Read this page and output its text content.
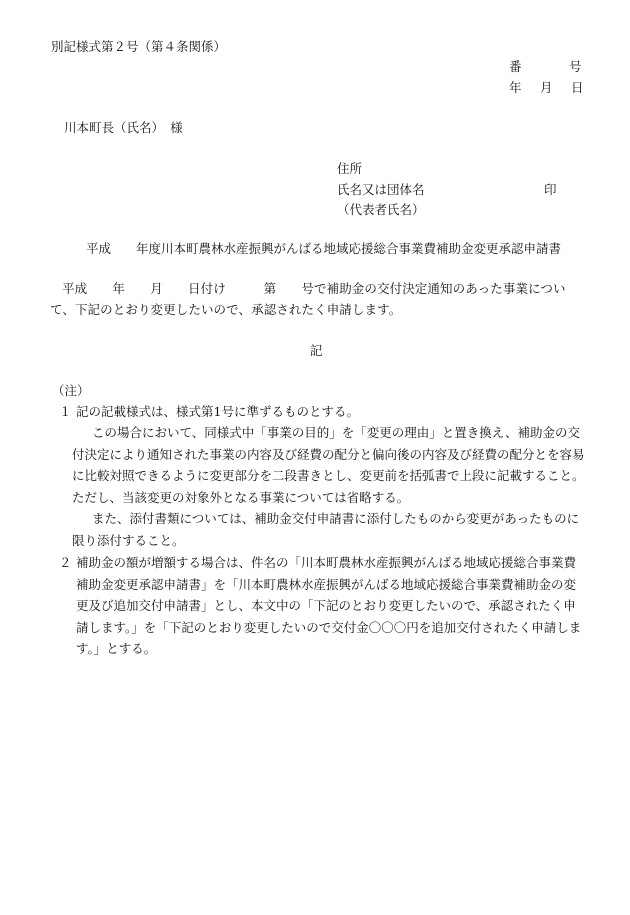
別記様式第２号（第４条関係）
番	号
年 月 日
川本町長（氏名）　様
住所
氏名又は団体名	印
（代表者氏名）
平成　　年度川本町農林水産振興がんばる地域応援総合事業費補助金変更承認申請書
平成　　年　　月　　日付け　　　第　　号で補助金の交付決定通知のあった事業について、下記のとおり変更したいので、承認されたく申請します。
記
（注）
１ 記の記載様式は、様式第1号に準ずるものとする。
この場合において、同様式中「事業の目的」を「変更の理由」と置き換え、補助金の交付決定により通知された事業の内容及び経費の配分と偏向後の内容及び経費の配分とを容易に比較対照できるように変更部分を二段書きとし、変更前を括弧書で上段に記載すること。ただし、当該変更の対象外となる事業については省略する。
また、添付書類については、補助金交付申請書に添付したものから変更があったものに限り添付すること。
２ 補助金の額が増額する場合は、件名の「川本町農林水産振興がんばる地域応援総合事業費補助金変更承認申請書」を「川本町農林水産振興がんばる地域応援総合事業費補助金の変更及び追加交付申請書」とし、本文中の「下記のとおり変更したいので、承認されたく申請します。」を「下記のとおり変更したいので交付金〇〇〇円を追加交付されたく申請します。」とする。
